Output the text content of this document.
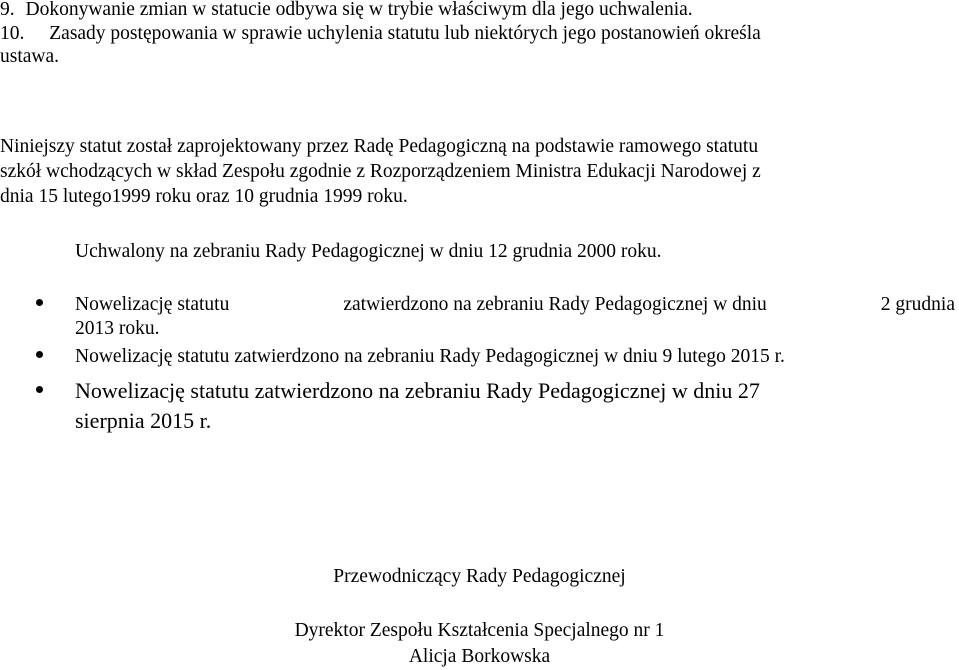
9. Dokonywanie zmian w statucie odbywa się w trybie właściwym dla jego uchwalenia.
10. Zasady postępowania w sprawie uchylenia statutu lub niektórych jego postanowień określa
ustawa.
Niniejszy statut został zaprojektowany przez Radę Pedagogiczną na podstawie ramowego statutu
szkół wchodzących w skład Zespołu zgodnie z Rozporządzeniem Ministra Edukacji Narodowej z
dnia 15 lutego1999 roku oraz 10 grudnia 1999 roku.
Uchwalony na zebraniu Rady Pedagogicznej w dniu 12 grudnia 2000 roku.
Nowelizację statutu	zatwierdzono na zebraniu Rady Pedagogicznej w dniu	2 grudnia
2013 roku.
Nowelizację statutu zatwierdzono na zebraniu Rady Pedagogicznej w dniu 9 lutego 2015 r.
Nowelizację statutu zatwierdzono na zebraniu Rady Pedagogicznej w dniu 27
sierpnia 2015 r.
Przewodniczący Rady Pedagogicznej
Dyrektor Zespołu Kształcenia Specjalnego nr 1
Alicja Borkowska
